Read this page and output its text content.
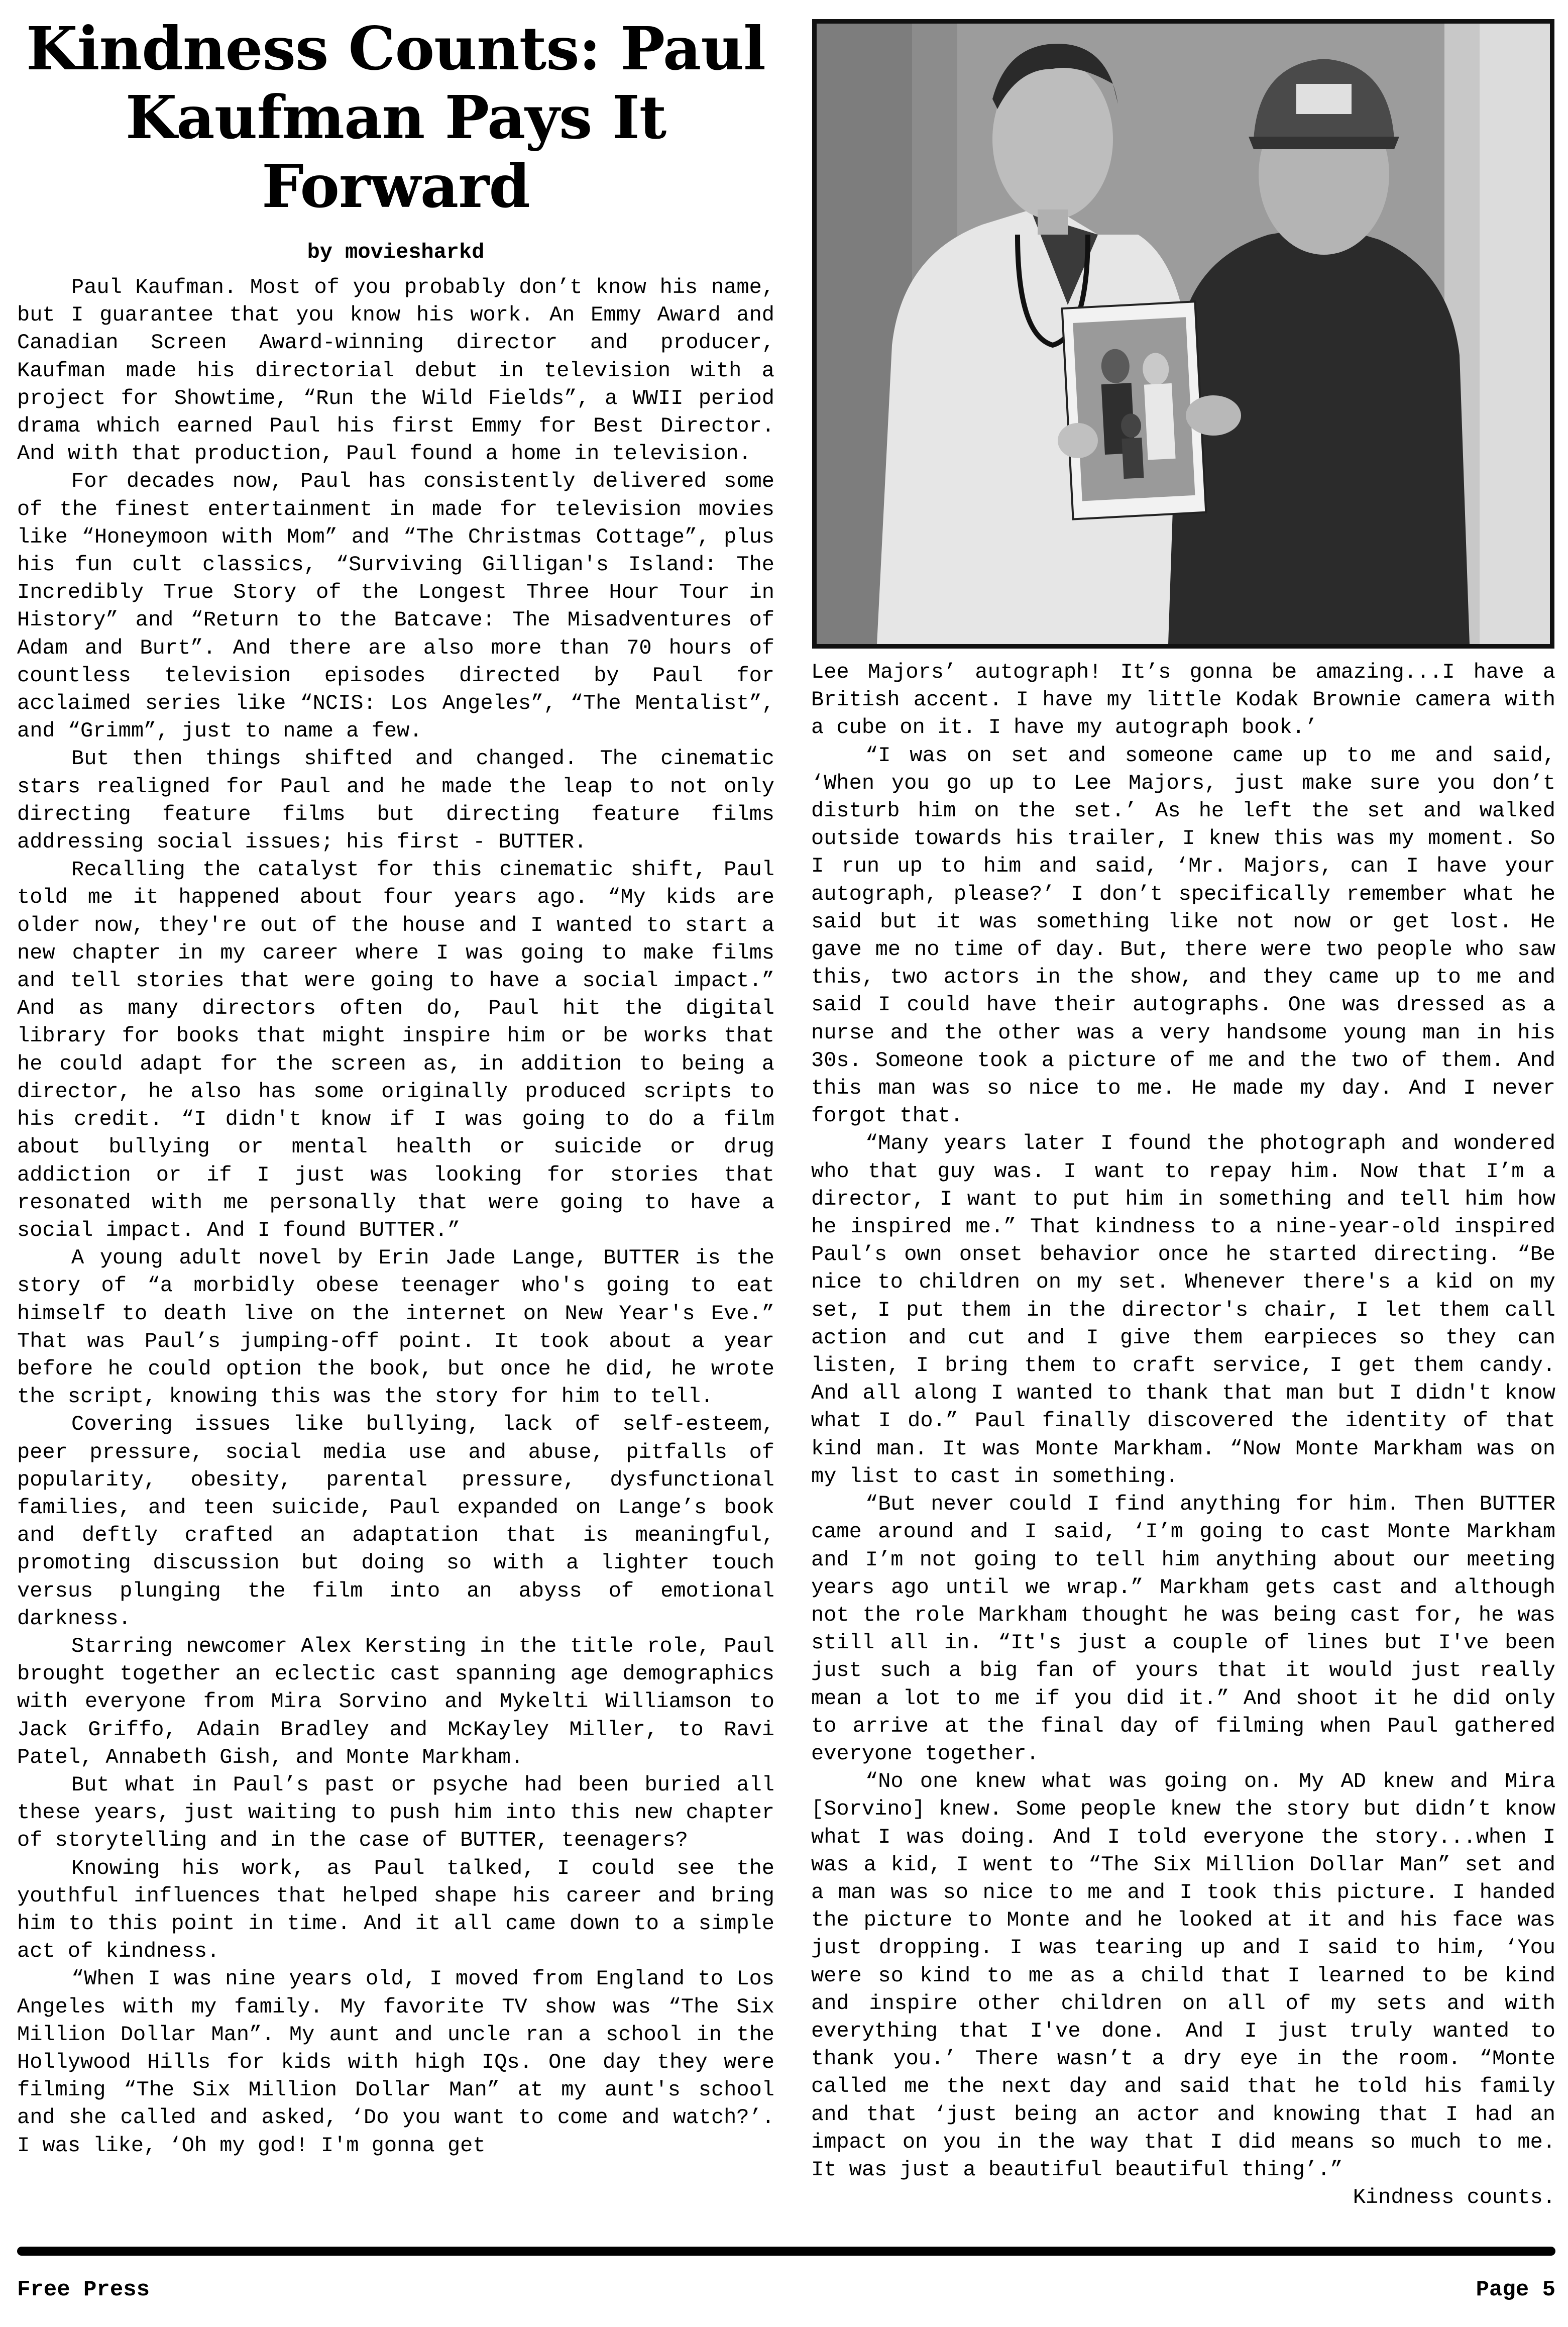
Kindness Counts: Paul Kaufman Pays It Forward
by moviesharkd

Paul Kaufman. Most of you probably don’t know his name, but I guarantee that you know his work. An Emmy Award and Canadian Screen Award-winning director and producer, Kaufman made his directorial debut in television with a project for Showtime, “Run the Wild Fields”, a WWII period drama which earned Paul his first Emmy for Best Director. And with that production, Paul found a home in television.

For decades now, Paul has consistently delivered some of the finest entertainment in made for television movies like “Honeymoon with Mom” and “The Christmas Cottage”, plus his fun cult classics, “Surviving Gilligan's Island: The Incredibly True Story of the Longest Three Hour Tour in History” and “Return to the Batcave: The Misadventures of Adam and Burt”. And there are also more than 70 hours of countless television episodes directed by Paul for acclaimed series like “NCIS: Los Angeles”, “The Mentalist”, and “Grimm”, just to name a few.

But then things shifted and changed. The cinematic stars realigned for Paul and he made the leap to not only directing feature films but directing feature films addressing social issues; his first - BUTTER.

Recalling the catalyst for this cinematic shift, Paul told me it happened about four years ago. “My kids are older now, they're out of the house and I wanted to start a new chapter in my career where I was going to make films and tell stories that were going to have a social impact.” And as many directors often do, Paul hit the digital library for books that might inspire him or be works that he could adapt for the screen as, in addition to being a director, he also has some originally produced scripts to his credit. “I didn't know if I was going to do a film about bullying or mental health or suicide or drug addiction or if I just was looking for stories that resonated with me personally that were going to have a social impact. And I found BUTTER.”

A young adult novel by Erin Jade Lange, BUTTER is the story of “a morbidly obese teenager who's going to eat himself to death live on the internet on New Year's Eve.” That was Paul’s jumping-off point. It took about a year before he could option the book, but once he did, he wrote the script, knowing this was the story for him to tell.

Covering issues like bullying, lack of self-esteem, peer pressure, social media use and abuse, pitfalls of popularity, obesity, parental pressure, dysfunctional families, and teen suicide, Paul expanded on Lange’s book and deftly crafted an adaptation that is meaningful, promoting discussion but doing so with a lighter touch versus plunging the film into an abyss of emotional darkness.

Starring newcomer Alex Kersting in the title role, Paul brought together an eclectic cast spanning age demographics with everyone from Mira Sorvino and Mykelti Williamson to Jack Griffo, Adain Bradley and McKayley Miller, to Ravi Patel, Annabeth Gish, and Monte Markham.

But what in Paul’s past or psyche had been buried all these years, just waiting to push him into this new chapter of storytelling and in the case of BUTTER, teenagers?

Knowing his work, as Paul talked, I could see the youthful influences that helped shape his career and bring him to this point in time. And it all came down to a simple act of kindness.

“When I was nine years old, I moved from England to Los Angeles with my family. My favorite TV show was “The Six Million Dollar Man”. My aunt and uncle ran a school in the Hollywood Hills for kids with high IQs. One day they were filming “The Six Million Dollar Man” at my aunt's school and she called and asked, ‘Do you want to come and watch?’. I was like, ‘Oh my god! I'm gonna get

Lee Majors’ autograph! It’s gonna be amazing...I have a British accent. I have my little Kodak Brownie camera with a cube on it. I have my autograph book.’

“I was on set and someone came up to me and said, ‘When you go up to Lee Majors, just make sure you don’t disturb him on the set.’ As he left the set and walked outside towards his trailer, I knew this was my moment. So I run up to him and said, ‘Mr. Majors, can I have your autograph, please?’ I don’t specifically remember what he said but it was something like not now or get lost. He gave me no time of day. But, there were two people who saw this, two actors in the show, and they came up to me and said I could have their autographs. One was dressed as a nurse and the other was a very handsome young man in his 30s. Someone took a picture of me and the two of them. And this man was so nice to me. He made my day. And I never forgot that.

“Many years later I found the photograph and wondered who that guy was. I want to repay him. Now that I’m a director, I want to put him in something and tell him how he inspired me.” That kindness to a nine-year-old inspired Paul’s own onset behavior once he started directing. “Be nice to children on my set. Whenever there's a kid on my set, I put them in the director's chair, I let them call action and cut and I give them earpieces so they can listen, I bring them to craft service, I get them candy. And all along I wanted to thank that man but I didn't know what I do.” Paul finally discovered the identity of that kind man. It was Monte Markham. “Now Monte Markham was on my list to cast in something.

“But never could I find anything for him. Then BUTTER came around and I said, ‘I’m going to cast Monte Markham and I’m not going to tell him anything about our meeting years ago until we wrap.” Markham gets cast and although not the role Markham thought he was being cast for, he was still all in. “It's just a couple of lines but I've been just such a big fan of yours that it would just really mean a lot to me if you did it.” And shoot it he did only to arrive at the final day of filming when Paul gathered everyone together.

“No one knew what was going on. My AD knew and Mira [Sorvino] knew. Some people knew the story but didn’t know what I was doing. And I told everyone the story...when I was a kid, I went to “The Six Million Dollar Man” set and a man was so nice to me and I took this picture. I handed the picture to Monte and he looked at it and his face was just dropping. I was tearing up and I said to him, ‘You were so kind to me as a child that I learned to be kind and inspire other children on all of my sets and with everything that I've done. And I just truly wanted to thank you.’ There wasn’t a dry eye in the room. “Monte called me the next day and said that he told his family and that ‘just being an actor and knowing that I had an impact on you in the way that I did means so much to me. It was just a beautiful beautiful thing’.”
Kindness counts.

Free Press	Page 5
